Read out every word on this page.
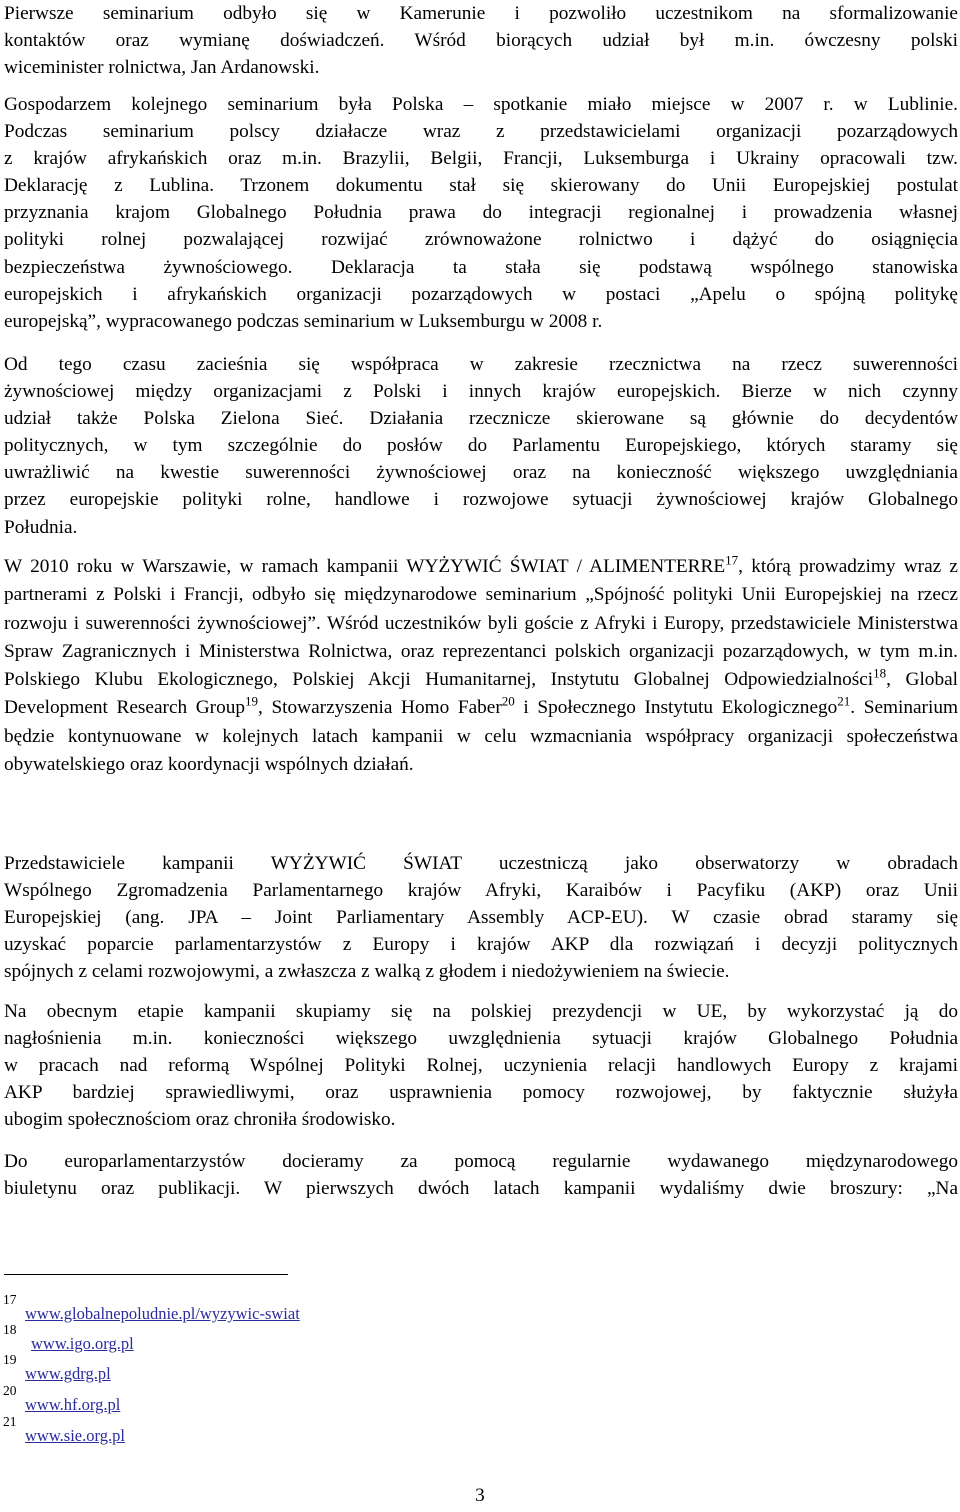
Pierwsze seminarium odbyło się w Kamerunie i pozwoliło uczestnikom na sformalizowanie
kontaktów oraz wymianę doświadczeń. Wśród biorących udział był m.in. ówczesny polski
wiceminister rolnictwa, Jan Ardanowski.

Gospodarzem kolejnego seminarium była Polska – spotkanie miało miejsce w 2007 r. w Lublinie.
Podczas seminarium polscy działacze wraz z przedstawicielami organizacji pozarządowych
z krajów afrykańskich oraz m.in. Brazylii, Belgii, Francji, Luksemburga i Ukrainy opracowali tzw.
Deklarację z Lublina. Trzonem dokumentu stał się skierowany do Unii Europejskiej postulat
przyznania krajom Globalnego Południa prawa do integracji regionalnej i prowadzenia własnej
polityki rolnej pozwalającej rozwijać zrównoważone rolnictwo i dążyć do osiągnięcia
bezpieczeństwa żywnościowego. Deklaracja ta stała się podstawą wspólnego stanowiska
europejskich i afrykańskich organizacji pozarządowych w postaci „Apelu o spójną politykę
europejską”, wypracowanego podczas seminarium w Luksemburgu w 2008 r.

Od tego czasu zacieśnia się współpraca w zakresie rzecznictwa na rzecz suwerenności
żywnościowej między organizacjami z Polski i innych krajów europejskich. Bierze w nich czynny
udział także Polska Zielona Sieć. Działania rzecznicze skierowane są głównie do decydentów
politycznych, w tym szczególnie do posłów do Parlamentu Europejskiego, których staramy się
uwrażliwić na kwestie suwerenności żywnościowej oraz na konieczność większego uwzględniania
przez europejskie polityki rolne, handlowe i rozwojowe sytuacji żywnościowej krajów Globalnego
Południa.

W 2010 roku w Warszawie, w ramach kampanii WYŻYWIĆ ŚWIAT / ALIMENTERRE$^{17}$, którą prowadzimy wraz z partnerami z Polski i Francji, odbyło się międzynarodowe seminarium „Spójność polityki Unii Europejskiej na rzecz rozwoju i suwerenności żywnościowej”. Wśród uczestników byli goście z Afryki i Europy, przedstawiciele Ministerstwa Spraw Zagranicznych i Ministerstwa Rolnictwa, oraz reprezentanci polskich organizacji pozarządowych, w tym m.in. Polskiego Klubu Ekologicznego, Polskiej Akcji Humanitarnej, Instytutu Globalnej Odpowiedzialności$^{18}$, Global Development Research Group$^{19}$, Stowarzyszenia Homo Faber$^{20}$ i Społecznego Instytutu Ekologicznego$^{21}$. Seminarium będzie kontynuowane w kolejnych latach kampanii w celu wzmacniania współpracy organizacji społeczeństwa obywatelskiego oraz koordynacji wspólnych działań.

Przedstawiciele kampanii WYŻYWIĆ ŚWIAT uczestniczą jako obserwatorzy w obradach
Wspólnego Zgromadzenia Parlamentarnego krajów Afryki, Karaibów i Pacyfiku (AKP) oraz Unii
Europejskiej (ang. JPA – Joint Parliamentary Assembly ACP-EU). W czasie obrad staramy się
uzyskać poparcie parlamentarzystów z Europy i krajów AKP dla rozwiązań i decyzji politycznych
spójnych z celami rozwojowymi, a zwłaszcza z walką z głodem i niedożywieniem na świecie.

Na obecnym etapie kampanii skupiamy się na polskiej prezydencji w UE, by wykorzystać ją do
nagłośnienia m.in. konieczności większego uwzględnienia sytuacji krajów Globalnego Południa
w pracach nad reformą Wspólnej Polityki Rolnej, uczynienia relacji handlowych Europy z krajami
AKP bardziej sprawiedliwymi, oraz usprawnienia pomocy rozwojowej, by faktycznie służyła
ubogim społecznościom oraz chroniła środowisko.

Do europarlamentarzystów docieramy za pomocą regularnie wydawanego międzynarodowego
biuletynu oraz publikacji. W pierwszych dwóch latach kampanii wydaliśmy dwie broszury: „Na

17
www.globalnepoludnie.pl/wyzywic-swiat
18
www.igo.org.pl
19
www.gdrg.pl
20
www.hf.org.pl
21
www.sie.org.pl
3
